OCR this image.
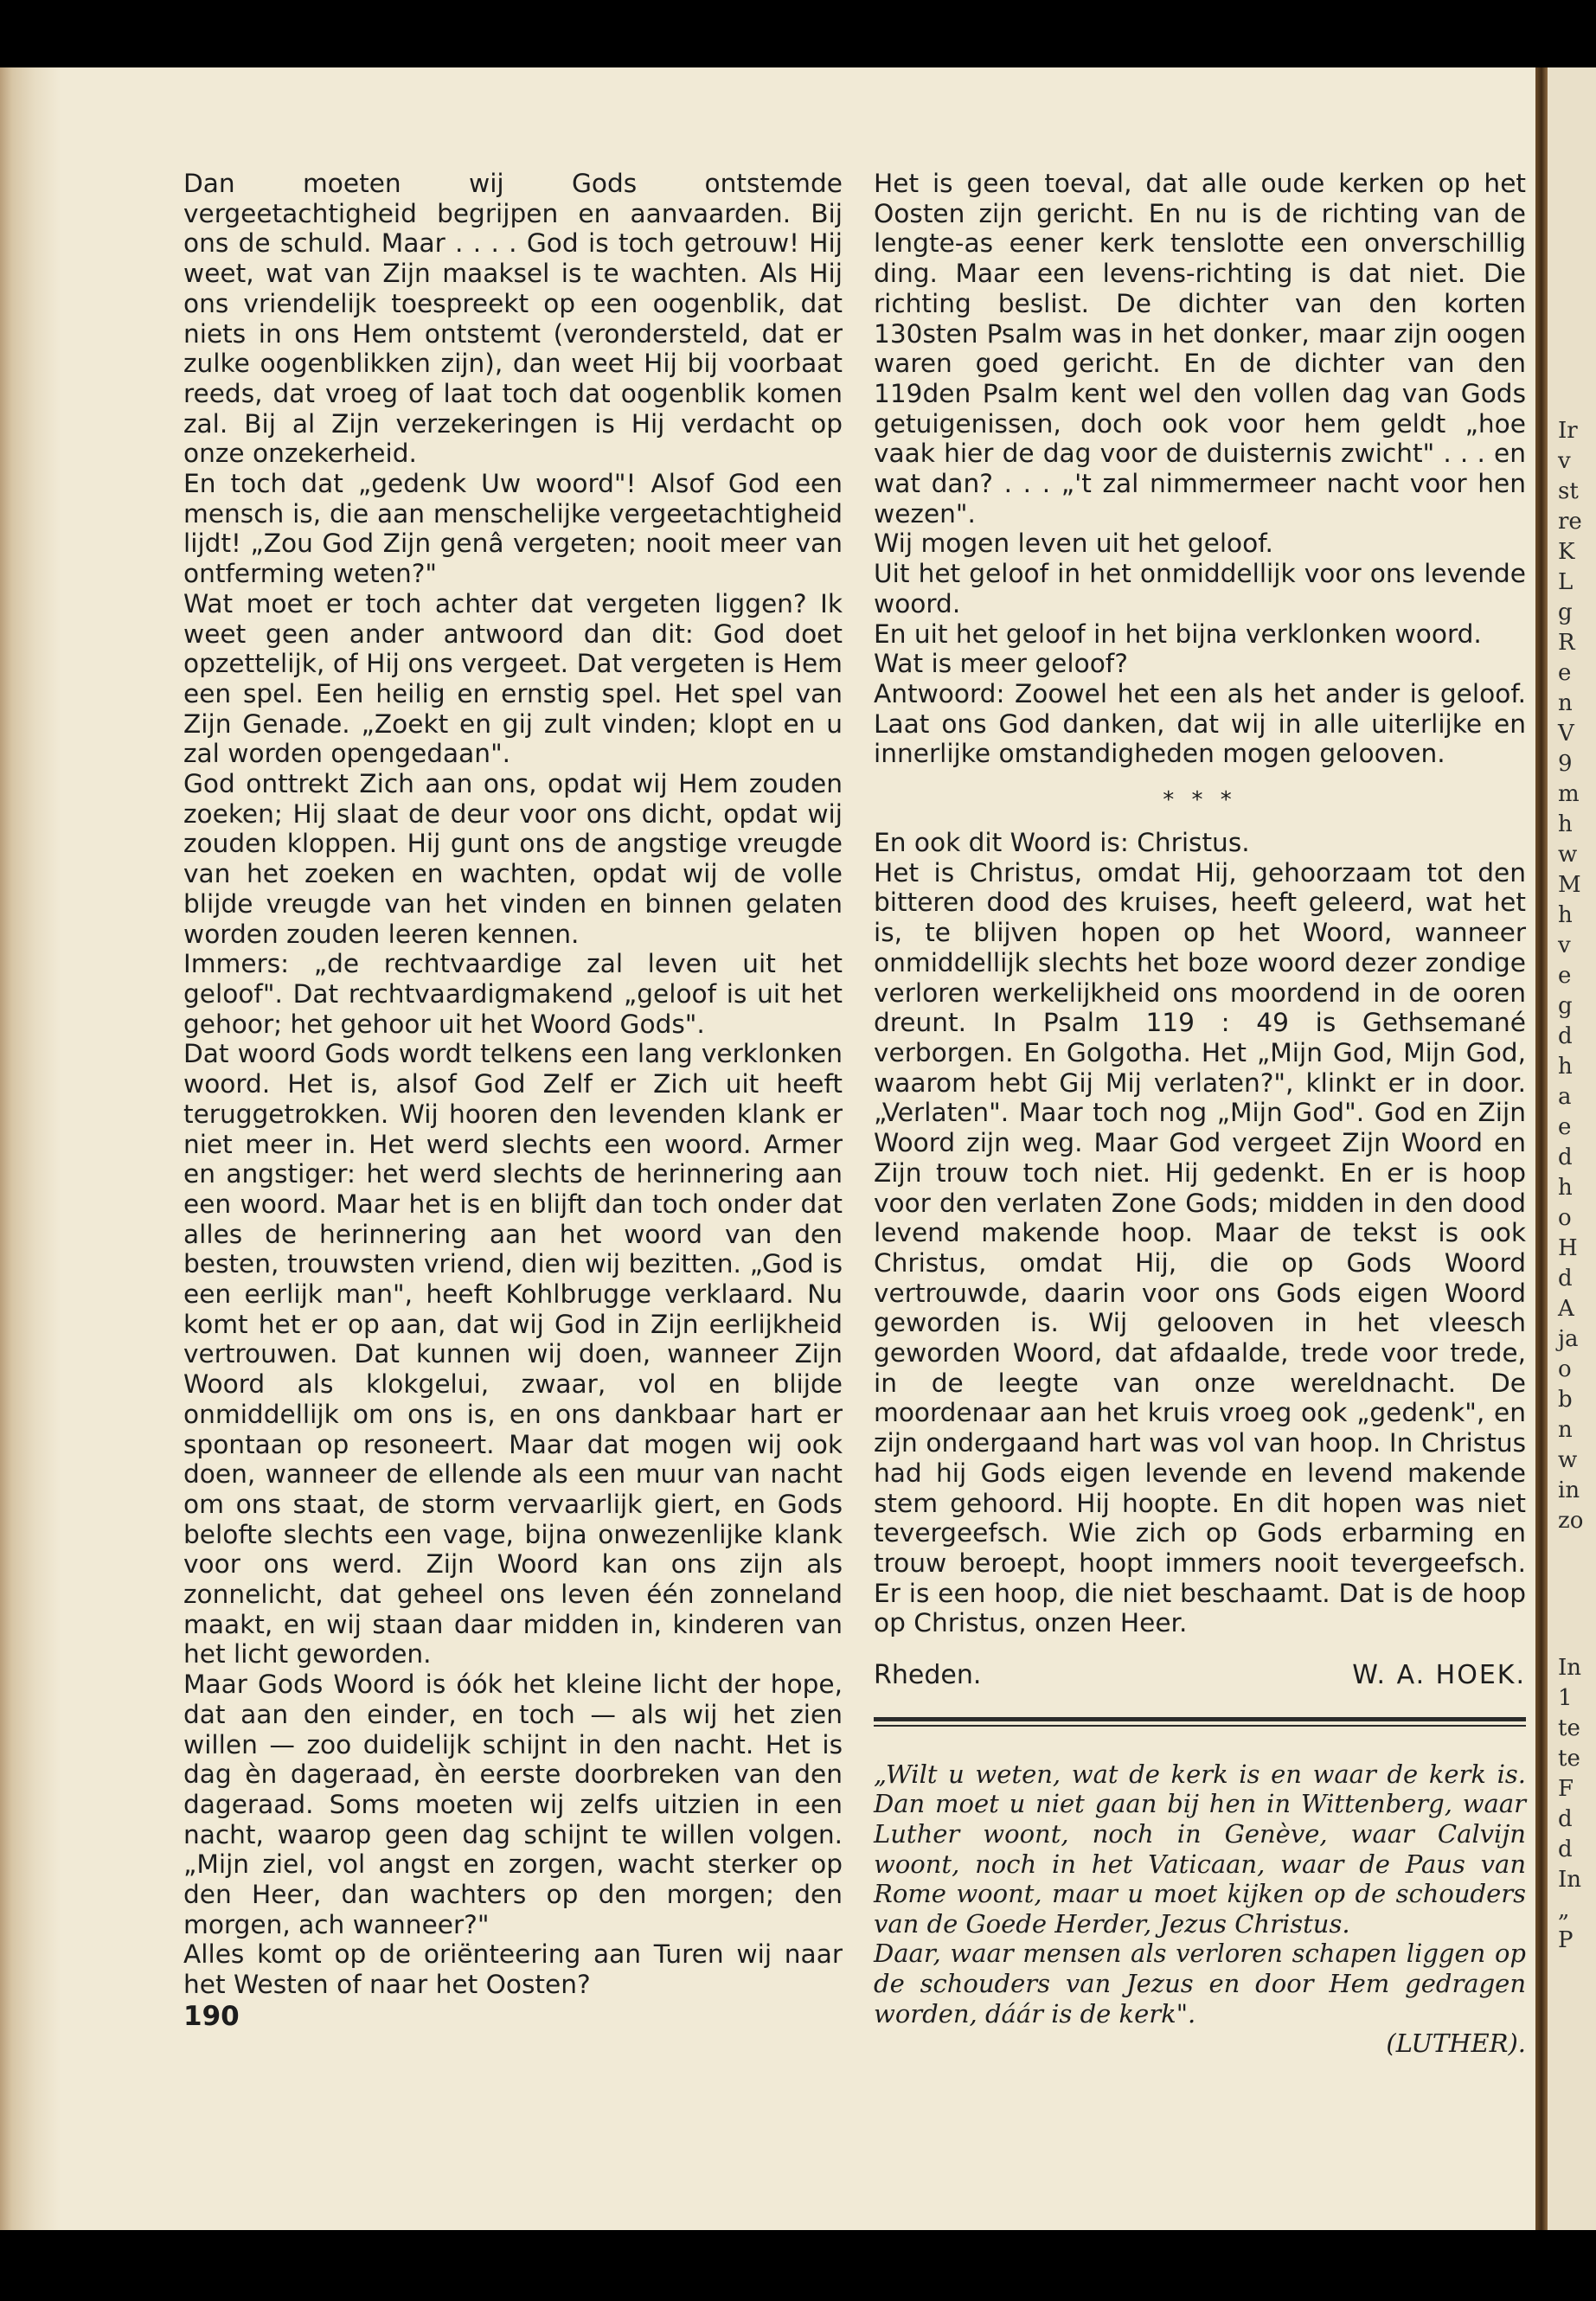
Dan moeten wij Gods ontstemde vergeetachtigheid begrijpen en aanvaarden. Bij ons de schuld. Maar . . . . God is toch getrouw! Hij weet, wat van Zijn maaksel is te wachten. Als Hij ons vriendelijk toespreekt op een oogenblik, dat niets in ons Hem ontstemt (verondersteld, dat er zulke oogenblikken zijn), dan weet Hij bij voorbaat reeds, dat vroeg of laat toch dat oogenblik komen zal. Bij al Zijn verzekeringen is Hij verdacht op onze onzekerheid.
En toch dat „gedenk Uw woord"! Alsof God een mensch is, die aan menschelijke vergeetachtigheid lijdt! „Zou God Zijn genâ vergeten; nooit meer van ontferming weten?"
Wat moet er toch achter dat vergeten liggen? Ik weet geen ander antwoord dan dit: God doet opzettelijk, of Hij ons vergeet. Dat vergeten is Hem een spel. Een heilig en ernstig spel. Het spel van Zijn Genade. „Zoekt en gij zult vinden; klopt en u zal worden opengedaan".
God onttrekt Zich aan ons, opdat wij Hem zouden zoeken; Hij slaat de deur voor ons dicht, opdat wij zouden kloppen. Hij gunt ons de angstige vreugde van het zoeken en wachten, opdat wij de volle blijde vreugde van het vinden en binnen gelaten worden zouden leeren kennen.
Immers: „de rechtvaardige zal leven uit het geloof". Dat rechtvaardigmakend „geloof is uit het gehoor; het gehoor uit het Woord Gods".
Dat woord Gods wordt telkens een lang verklonken woord. Het is, alsof God Zelf er Zich uit heeft teruggetrokken. Wij hooren den levenden klank er niet meer in. Het werd slechts een woord. Armer en angstiger: het werd slechts de herinnering aan een woord. Maar het is en blijft dan toch onder dat alles de herinnering aan het woord van den besten, trouwsten vriend, dien wij bezitten. „God is een eerlijk man", heeft Kohlbrugge verklaard. Nu komt het er op aan, dat wij God in Zijn eerlijkheid vertrouwen. Dat kunnen wij doen, wanneer Zijn Woord als klokgelui, zwaar, vol en blijde onmiddellijk om ons is, en ons dankbaar hart er spontaan op resoneert. Maar dat mogen wij ook doen, wanneer de ellende als een muur van nacht om ons staat, de storm vervaarlijk giert, en Gods belofte slechts een vage, bijna onwezenlijke klank voor ons werd. Zijn Woord kan ons zijn als zonnelicht, dat geheel ons leven één zonneland maakt, en wij staan daar midden in, kinderen van het licht geworden.
Maar Gods Woord is óók het kleine licht der hope, dat aan den einder, en toch — als wij het zien willen — zoo duidelijk schijnt in den nacht. Het is dag èn dageraad, èn eerste doorbreken van den dageraad. Soms moeten wij zelfs uitzien in een nacht, waarop geen dag schijnt te willen volgen. „Mijn ziel, vol angst en zorgen, wacht sterker op den Heer, dan wachters op den morgen; den morgen, ach wanneer?"
Alles komt op de oriënteering aan Turen wij naar het Westen of naar het Oosten?
190
Het is geen toeval, dat alle oude kerken op het Oosten zijn gericht. En nu is de richting van de lengte-as eener kerk tenslotte een onverschillig ding. Maar een levens-richting is dat niet. Die richting beslist. De dichter van den korten 130sten Psalm was in het donker, maar zijn oogen waren goed gericht. En de dichter van den 119den Psalm kent wel den vollen dag van Gods getuigenissen, doch ook voor hem geldt „hoe vaak hier de dag voor de duisternis zwicht" . . . en wat dan? . . . „'t zal nimmermeer nacht voor hen wezen".
Wij mogen leven uit het geloof.
Uit het geloof in het onmiddellijk voor ons levende woord.
En uit het geloof in het bijna verklonken woord.
Wat is meer geloof?
Antwoord: Zoowel het een als het ander is geloof. Laat ons God danken, dat wij in alle uiterlijke en innerlijke omstandigheden mogen gelooven.
* * *
En ook dit Woord is: Christus.
Het is Christus, omdat Hij, gehoorzaam tot den bitteren dood des kruises, heeft geleerd, wat het is, te blijven hopen op het Woord, wanneer onmiddellijk slechts het boze woord dezer zondige verloren werkelijkheid ons moordend in de ooren dreunt. In Psalm 119 : 49 is Gethsemané verborgen. En Golgotha. Het „Mijn God, Mijn God, waarom hebt Gij Mij verlaten?", klinkt er in door. „Verlaten". Maar toch nog „Mijn God". God en Zijn Woord zijn weg. Maar God vergeet Zijn Woord en Zijn trouw toch niet. Hij gedenkt. En er is hoop voor den verlaten Zone Gods; midden in den dood levend makende hoop. Maar de tekst is ook Christus, omdat Hij, die op Gods Woord vertrouwde, daarin voor ons Gods eigen Woord geworden is. Wij gelooven in het vleesch geworden Woord, dat afdaalde, trede voor trede, in de leegte van onze wereldnacht. De moordenaar aan het kruis vroeg ook „gedenk", en zijn ondergaand hart was vol van hoop. In Christus had hij Gods eigen levende en levend makende stem gehoord. Hij hoopte. En dit hopen was niet tevergeefsch. Wie zich op Gods erbarming en trouw beroept, hoopt immers nooit tevergeefsch. Er is een hoop, die niet beschaamt. Dat is de hoop op Christus, onzen Heer.
Rheden.	W. A. HOEK.
„Wilt u weten, wat de kerk is en waar de kerk is. Dan moet u niet gaan bij hen in Wittenberg, waar Luther woont, noch in Genève, waar Calvijn woont, noch in het Vaticaan, waar de Paus van Rome woont, maar u moet kijken op de schouders van de Goede Herder, Jezus Christus.
Daar, waar mensen als verloren schapen liggen op de schouders van Jezus en door Hem gedragen worden, dáár is de kerk".
(LUTHER).
Ir
v
st
re
K
L
g
R
e
n
V
9
m
h
w
M
h
v
e
g
d
h
a
e
d
h
o
H
d
A
ja
o
b
n
w
in
zo
In
1
te
te
F
d
d
In
„
P
